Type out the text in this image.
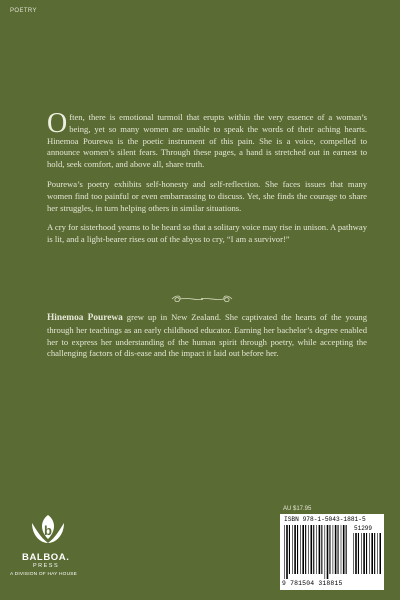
POETRY

Often, there is emotional turmoil that erupts within the very essence of a woman’s being, yet so many women are unable to speak the words of their aching hearts. Hinemoa Pourewa is the poetic instrument of this pain. She is a voice, compelled to announce women’s silent fears. Through these pages, a hand is stretched out in earnest to hold, seek comfort, and above all, share truth.

Pourewa’s poetry exhibits self-honesty and self-reflection. She faces issues that many women find too painful or even embarrassing to discuss. Yet, she finds the courage to share her struggles, in turn helping others in similar situations.

A cry for sisterhood yearns to be heard so that a solitary voice may rise in unison. A pathway is lit, and a light-bearer rises out of the abyss to cry, “I am a survivor!”

Hinemoa Pourewa grew up in New Zealand. She captivated the hearts of the young through her teachings as an early childhood educator. Earning her bachelor’s degree enabled her to express her understanding of the human spirit through poetry, while accepting the challenging factors of dis-ease and the impact it laid out before her.

b
BALBOA.
PRESS
A DIVISION OF HAY HOUSE
AU $17.95
ISBN 978-1-5043-1881-5
51299
9 781504 318815
